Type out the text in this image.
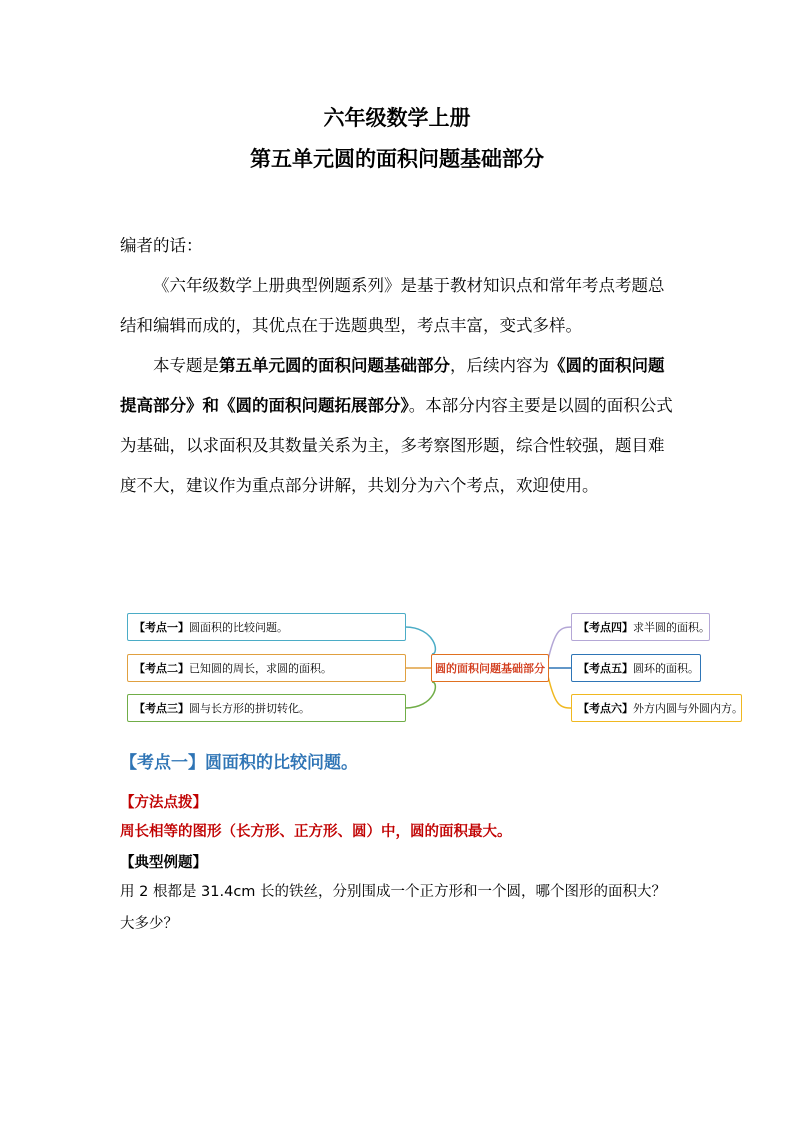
六年级数学上册
第五单元圆的面积问题基础部分
编者的话：
《六年级数学上册典型例题系列》是基于教材知识点和常年考点考题总结和编辑而成的，其优点在于选题典型，考点丰富，变式多样。
本专题是第五单元圆的面积问题基础部分，后续内容为《圆的面积问题提高部分》和《圆的面积问题拓展部分》。本部分内容主要是以圆的面积公式为基础，以求面积及其数量关系为主，多考察图形题，综合性较强，题目难度不大，建议作为重点部分讲解，共划分为六个考点，欢迎使用。
【考点一】圆面积的比较问题。
【考点二】已知圆的周长，求圆的面积。
【考点三】圆与长方形的拼切转化。
圆的面积问题基础部分
【考点四】求半圆的面积。
【考点五】圆环的面积。
【考点六】外方内圆与外圆内方。
【考点一】圆面积的比较问题。
【方法点拨】
周长相等的图形（长方形、正方形、圆）中，圆的面积最大。
【典型例题】
用 2 根都是 31.4cm 长的铁丝，分别围成一个正方形和一个圆，哪个图形的面积大？大多少？
